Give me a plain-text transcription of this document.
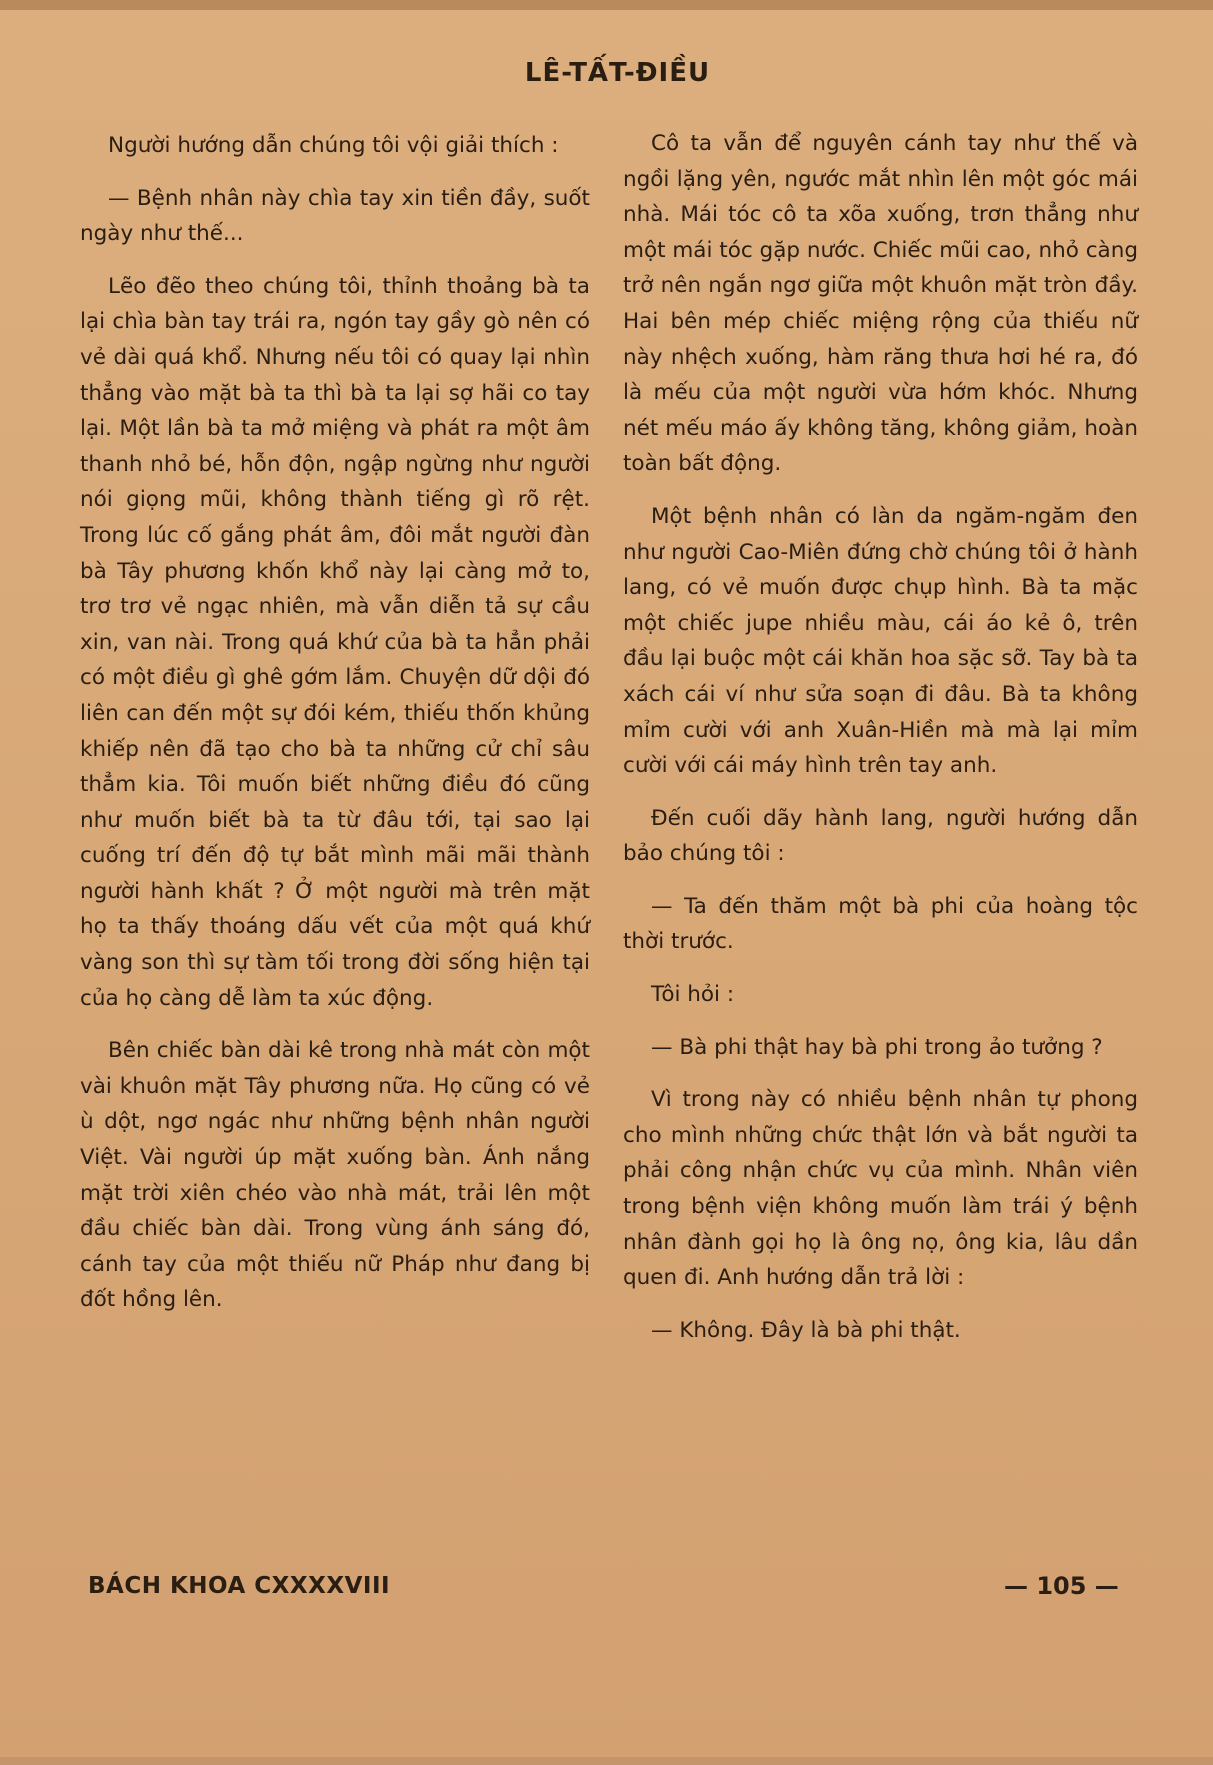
LÊ-TẤT-ĐIỀU

Người hướng dẫn chúng tôi vội giải thích :

— Bệnh nhân này chìa tay xin tiền đầy, suốt ngày như thế...

Lẽo đẽo theo chúng tôi, thỉnh thoảng bà ta lại chìa bàn tay trái ra, ngón tay gầy gò nên có vẻ dài quá khổ. Nhưng nếu tôi có quay lại nhìn thẳng vào mặt bà ta thì bà ta lại sợ hãi co tay lại. Một lần bà ta mở miệng và phát ra một âm thanh nhỏ bé, hỗn độn, ngập ngừng như người nói giọng mũi, không thành tiếng gì rõ rệt. Trong lúc cố gắng phát âm, đôi mắt người đàn bà Tây phương khốn khổ này lại càng mở to, trơ trơ vẻ ngạc nhiên, mà vẫn diễn tả sự cầu xin, van nài. Trong quá khứ của bà ta hẳn phải có một điều gì ghê gớm lắm. Chuyện dữ dội đó liên can đến một sự đói kém, thiếu thốn khủng khiếp nên đã tạo cho bà ta những cử chỉ sâu thẳm kia. Tôi muốn biết những điều đó cũng như muốn biết bà ta từ đâu tới, tại sao lại cuống trí đến độ tự bắt mình mãi mãi thành người hành khất ? Ở một người mà trên mặt họ ta thấy thoáng dấu vết của một quá khứ vàng son thì sự tàm tối trong đời sống hiện tại của họ càng dễ làm ta xúc động.

Bên chiếc bàn dài kê trong nhà mát còn một vài khuôn mặt Tây phương nữa. Họ cũng có vẻ ù dột, ngơ ngác như những bệnh nhân người Việt. Vài người úp mặt xuống bàn. Ánh nắng mặt trời xiên chéo vào nhà mát, trải lên một đầu chiếc bàn dài. Trong vùng ánh sáng đó, cánh tay của một thiếu nữ Pháp như đang bị đốt hồng lên.

Cô ta vẫn để nguyên cánh tay như thế và ngồi lặng yên, ngước mắt nhìn lên một góc mái nhà. Mái tóc cô ta xõa xuống, trơn thẳng như một mái tóc gặp nước. Chiếc mũi cao, nhỏ càng trở nên ngắn ngơ giữa một khuôn mặt tròn đầy. Hai bên mép chiếc miệng rộng của thiếu nữ này nhệch xuống, hàm răng thưa hơi hé ra, đó là mếu của một người vừa hớm khóc. Nhưng nét mếu máo ấy không tăng, không giảm, hoàn toàn bất động.

Một bệnh nhân có làn da ngăm-ngăm đen như người Cao-Miên đứng chờ chúng tôi ở hành lang, có vẻ muốn được chụp hình. Bà ta mặc một chiếc jupe nhiều màu, cái áo kẻ ô, trên đầu lại buộc một cái khăn hoa sặc sỡ. Tay bà ta xách cái ví như sửa soạn đi đâu. Bà ta không mỉm cười với anh Xuân-Hiền mà mà lại mỉm cười với cái máy hình trên tay anh.

Đến cuối dãy hành lang, người hướng dẫn bảo chúng tôi :

— Ta đến thăm một bà phi của hoàng tộc thời trước.

Tôi hỏi :

— Bà phi thật hay bà phi trong ảo tưởng ?

Vì trong này có nhiều bệnh nhân tự phong cho mình những chức thật lớn và bắt người ta phải công nhận chức vụ của mình. Nhân viên trong bệnh viện không muốn làm trái ý bệnh nhân đành gọi họ là ông nọ, ông kia, lâu dần quen đi. Anh hướng dẫn trả lời :

— Không. Đây là bà phi thật.

BÁCH KHOA CXXXXVIII	— 105 —
